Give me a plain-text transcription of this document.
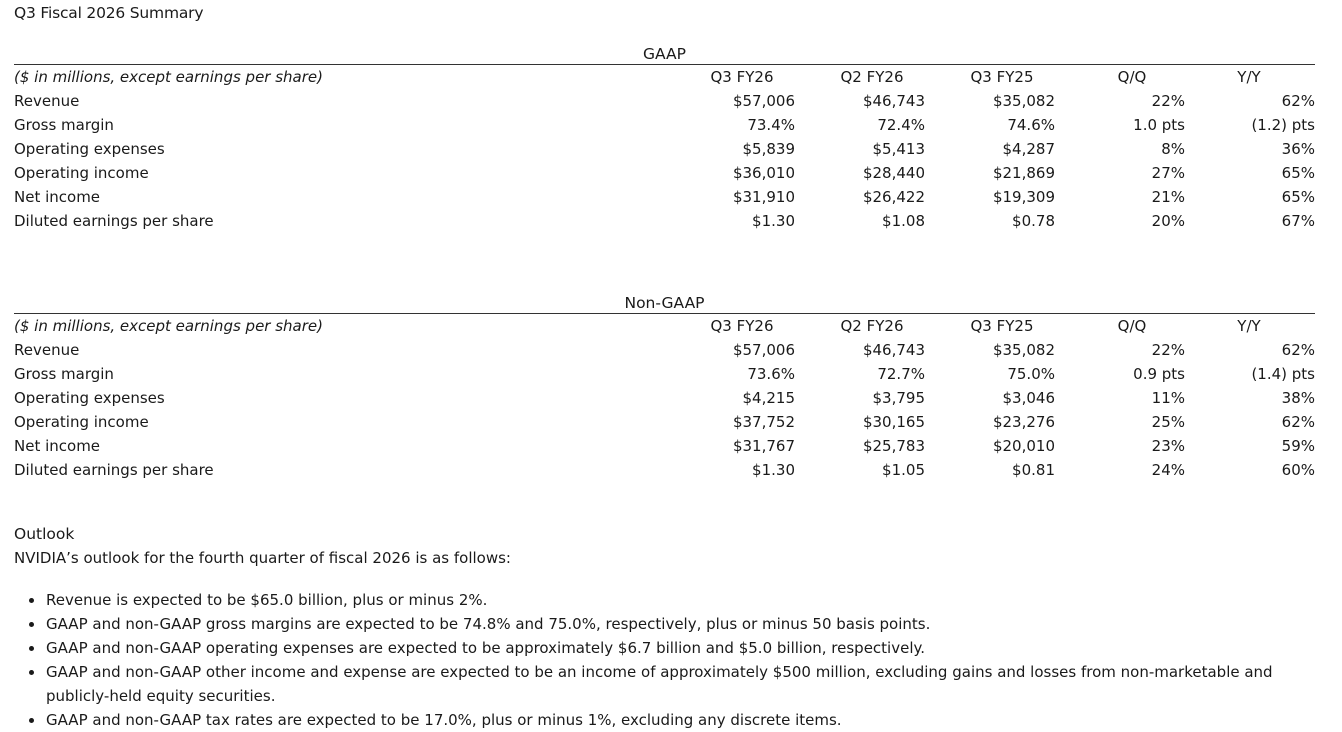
Q3 Fiscal 2026 Summary
GAAP
($ in millions, except earnings per share)	Q3 FY26	Q2 FY26	Q3 FY25	Q/Q	Y/Y
Revenue	$57,006	$46,743	$35,082	22%	62%
Gross margin	73.4%	72.4%	74.6%	1.0 pts	(1.2) pts
Operating expenses	$5,839	$5,413	$4,287	8%	36%
Operating income	$36,010	$28,440	$21,869	27%	65%
Net income	$31,910	$26,422	$19,309	21%	65%
Diluted earnings per share	$1.30	$1.08	$0.78	20%	67%
Non-GAAP
($ in millions, except earnings per share)	Q3 FY26	Q2 FY26	Q3 FY25	Q/Q	Y/Y
Revenue	$57,006	$46,743	$35,082	22%	62%
Gross margin	73.6%	72.7%	75.0%	0.9 pts	(1.4) pts
Operating expenses	$4,215	$3,795	$3,046	11%	38%
Operating income	$37,752	$30,165	$23,276	25%	62%
Net income	$31,767	$25,783	$20,010	23%	59%
Diluted earnings per share	$1.30	$1.05	$0.81	24%	60%
Outlook
NVIDIA’s outlook for the fourth quarter of fiscal 2026 is as follows:
Revenue is expected to be $65.0 billion, plus or minus 2%.
GAAP and non-GAAP gross margins are expected to be 74.8% and 75.0%, respectively, plus or minus 50 basis points.
GAAP and non-GAAP operating expenses are expected to be approximately $6.7 billion and $5.0 billion, respectively.
GAAP and non-GAAP other income and expense are expected to be an income of approximately $500 million, excluding gains and losses from non-marketable and publicly-held equity securities.
GAAP and non-GAAP tax rates are expected to be 17.0%, plus or minus 1%, excluding any discrete items.
